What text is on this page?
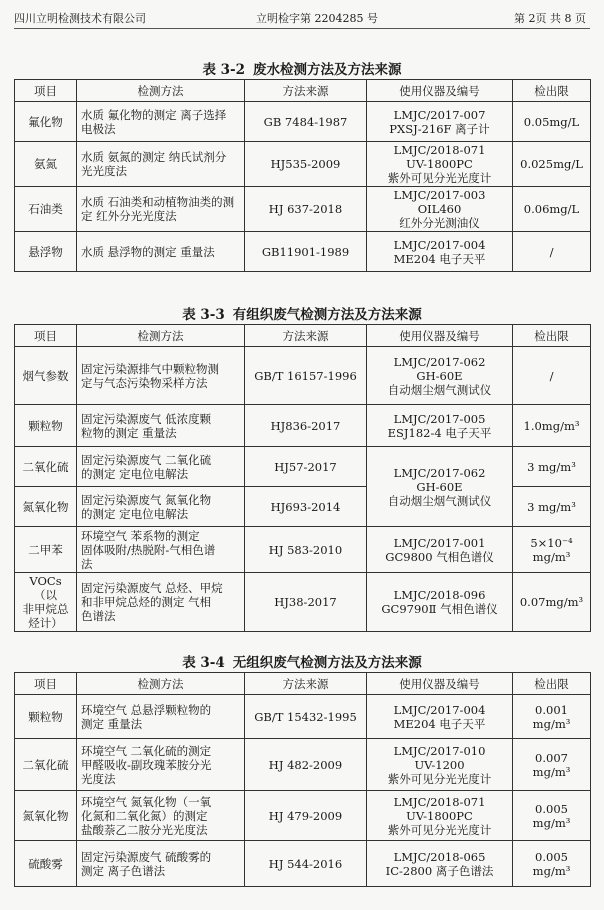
四川立明检测技术有限公司	立明检字第 2204285 号	第 2页 共 8 页
表 3-2 废水检测方法及方法来源
项目	检测方法	方法来源	使用仪器及编号	检出限

氟化物	水质 氟化物的测定 离子选择
电极法	GB 7484-1987	LMJC/2017-007
PXSJ-216F 离子计	0.05mg/L

氨氮	水质 氨氮的测定 纳氏试剂分
光光度法	HJ535-2009	LMJC/2018-071
UV-1800PC
紫外可见分光光度计	0.025mg/L

石油类	水质 石油类和动植物油类的测
定 红外分光光度法	HJ 637-2018	LMJC/2017-003
OIL460
红外分光测油仪	0.06mg/L

悬浮物	水质 悬浮物的测定 重量法	GB11901-1989	LMJC/2017-004
ME204 电子天平	/
表 3-3 有组织废气检测方法及方法来源
项目	检测方法	方法来源	使用仪器及编号	检出限

烟气参数	固定污染源排气中颗粒物测
定与气态污染物采样方法	GB/T 16157-1996	LMJC/2017-062
GH-60E
自动烟尘烟气测试仪	/

颗粒物	固定污染源废气 低浓度颗
粒物的测定 重量法	HJ836-2017	LMJC/2017-005
ESJ182-4 电子天平	1.0mg/m³

二氧化硫	固定污染源废气 二氧化硫
的测定 定电位电解法	HJ57-2017	LMJC/2017-062
GH-60E
自动烟尘烟气测试仪	3 mg/m³

氮氧化物	固定污染源废气 氮氧化物
的测定 定电位电解法	HJ693-2014		3 mg/m³

二甲苯	环境空气 苯系物的测定
固体吸附/热脱附-气相色谱
法	HJ 583-2010	LMJC/2017-001
GC9800 气相色谱仪	5×10⁻⁴
mg/m³

VOCs（以
非甲烷总
烃计）	固定污染源废气 总烃、甲烷
和非甲烷总烃的测定 气相
色谱法	HJ38-2017	LMJC/2018-096
GC9790Ⅱ 气相色谱仪	0.07mg/m³
表 3-4 无组织废气检测方法及方法来源
项目	检测方法	方法来源	使用仪器及编号	检出限

颗粒物	环境空气 总悬浮颗粒物的
测定 重量法	GB/T 15432-1995	LMJC/2017-004
ME204 电子天平	0.001 mg/m³

二氧化硫	环境空气 二氧化硫的测定
甲醛吸收-副玫瑰苯胺分光
光度法	HJ 482-2009	LMJC/2017-010
UV-1200
紫外可见分光光度计	0.007 mg/m³

氮氧化物	环境空气 氮氧化物（一氧
化氮和二氧化氮）的测定
盐酸萘乙二胺分光光度法	HJ 479-2009	LMJC/2018-071
UV-1800PC
紫外可见分光光度计	0.005 mg/m³

硫酸雾	固定污染源废气 硫酸雾的
测定 离子色谱法	HJ 544-2016	LMJC/2018-065
IC-2800 离子色谱法	0.005 mg/m³
